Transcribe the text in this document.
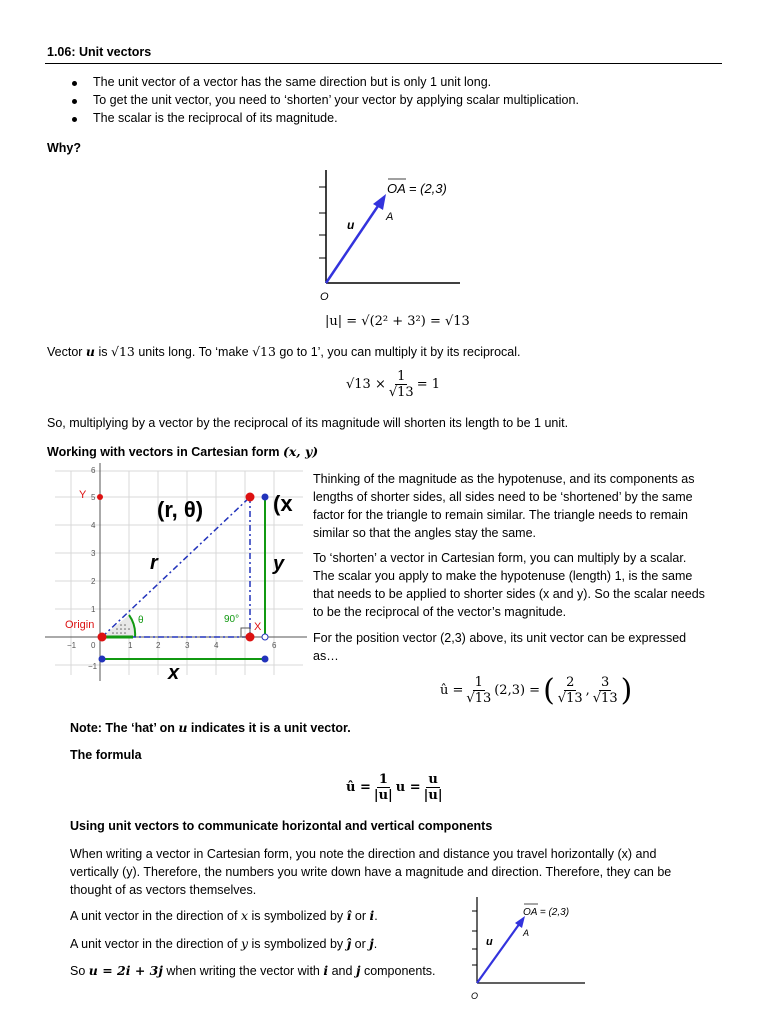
1.06: Unit vectors
The unit vector of a vector has the same direction but is only 1 unit long.
To get the unit vector, you need to ‘shorten’ your vector by applying scalar multiplication.
The scalar is the reciprocal of its magnitude.
Why?
OA = (2,3)
u
A
O
|u| = √(2² + 3²) = √13
Vector u is √13 units long. To ‘make √13 go to 1’, you can multiply it by its reciprocal.
$√13 \times \frac{1}{√13} = 1$
So, multiplying by a vector by the reciprocal of its magnitude will shorten its length to be 1 unit.
Working with vectors in Cartesian form (x, y)
6
5
4
3
2
1
0
−1
−1	1	2	3	4	6
Y
X
Origin	θ	90°
(r, θ)	(x
r	y
x
Thinking of the magnitude as the hypotenuse, and its components as
lengths of shorter sides, all sides need to be ‘shortened’ by the same
factor for the triangle to remain similar. The triangle needs to remain
similar so that the angles stay the same.
To ‘shorten’ a vector in Cartesian form, you can multiply by a scalar.
The scalar you apply to make the hypotenuse (length) 1, is the same
that needs to be applied to shorter sides (x and y). So the scalar needs
to be the reciprocal of the vector’s magnitude.
For the position vector (2,3) above, its unit vector can be expressed
as…
û = $\frac{1}{√13} (2,3)$ = ( $\frac{2}{√13}$ , $\frac{3}{√13}$ )
Note: The ‘hat’ on u indicates it is a unit vector.
The formula
û = $\frac{1}{|u|}$ $u = \frac{u}{|u|}$
Using unit vectors to communicate horizontal and vertical components
When writing a vector in Cartesian form, you note the direction and distance you travel horizontally (x) and
vertically (y). Therefore, the numbers you write down have a magnitude and direction. Therefore, they can be
thought of as vectors themselves.
A unit vector in the direction of x is symbolized by î or i.
A unit vector in the direction of y is symbolized by ĵ or j.
So u = 2i + 3j when writing the vector with i and j components.
OA = (2,3)
u
A
O
